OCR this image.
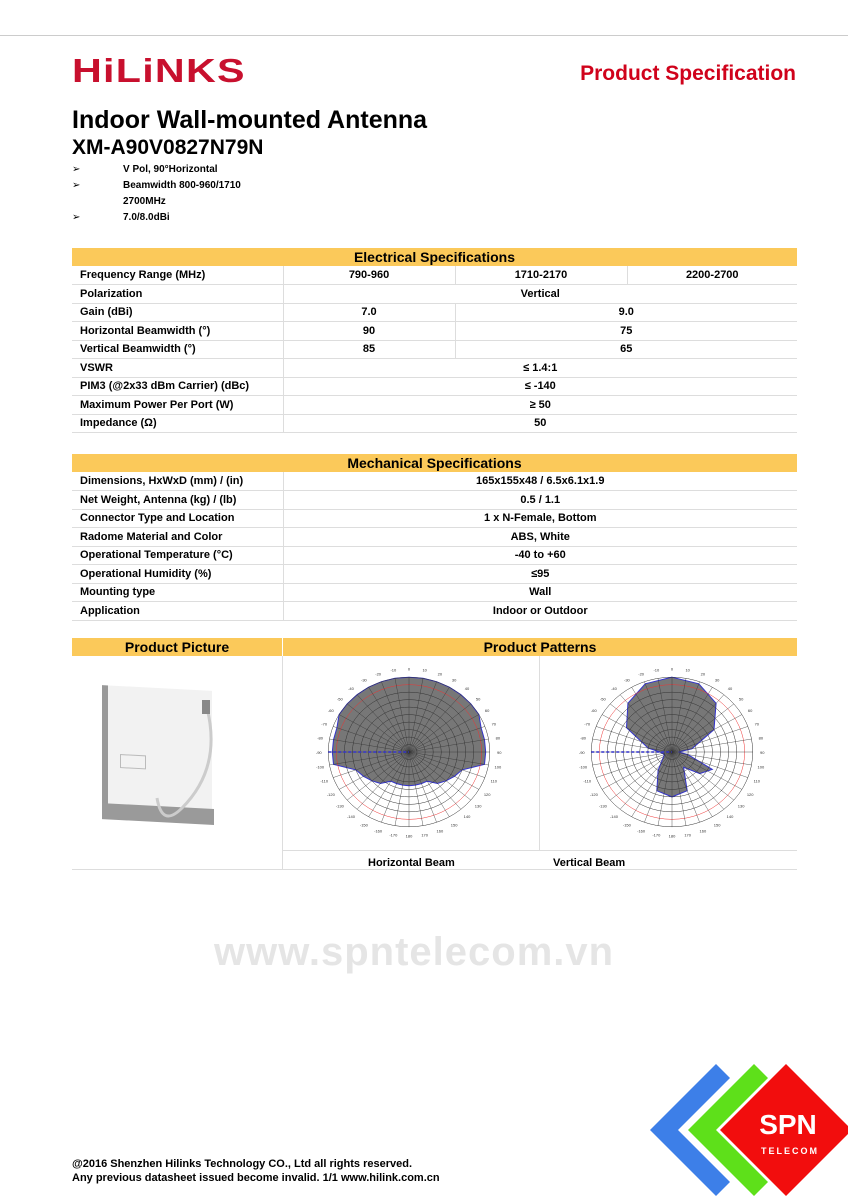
HiLiNKS	Product Specification
Indoor Wall-mounted Antenna
XM-A90V0827N79N
➢	V Pol, 90°Horizontal
➢	Beamwidth 800-960/1710
2700MHz
➢	7.0/8.0dBi
Electrical Specifications			
Frequency Range (MHz)	790-960	1710-2170	2200-2700
Polarization	Vertical		
Gain (dBi)	7.0	9.0	
Horizontal Beamwidth (°)	90	75	
Vertical Beamwidth (°)	85	65	
VSWR	≤ 1.4:1		
PIM3 (@2x33 dBm Carrier) (dBc)	≤ -140		
Maximum Power Per Port (W)	≥ 50		
Impedance (Ω)	50		
Mechanical Specifications	
Dimensions, HxWxD (mm) / (in)	165x155x48 / 6.5x6.1x1.9
Net Weight, Antenna (kg) / (lb)	0.5 / 1.1
Connector Type and Location	1 x N-Female, Bottom
Radome Material and Color	ABS, White
Operational Temperature (°C)	-40 to +60
Operational Humidity (%)	≤95
Mounting type	Wall
Application	Indoor or Outdoor
www.spntelecom.vn
Product Picture	Product Patterns
0	10
20
30
40
50
60
70
80
90
100
110
120
130
140
150
160
170
180
-170
-160
-150
-140
-130
-120
-110
-100
-90
-80
-70
-60
-50
-40
-30
-20
-10	0	10
20
30
40
50
60
70
80
90
100
110
120
130
140
150
160
170
180
-170
-160
-150
-140
-130
-120
-110
-100
-90
-80
-70
-60
-50
-40
-30
-20
-10
Horizontal Beam	Vertical Beam
@2016 Shenzhen Hilinks Technology CO., Ltd all rights reserved.
Any previous datasheet issued become invalid. 1/1 www.hilink.com.cn
SPN
TELECOM
